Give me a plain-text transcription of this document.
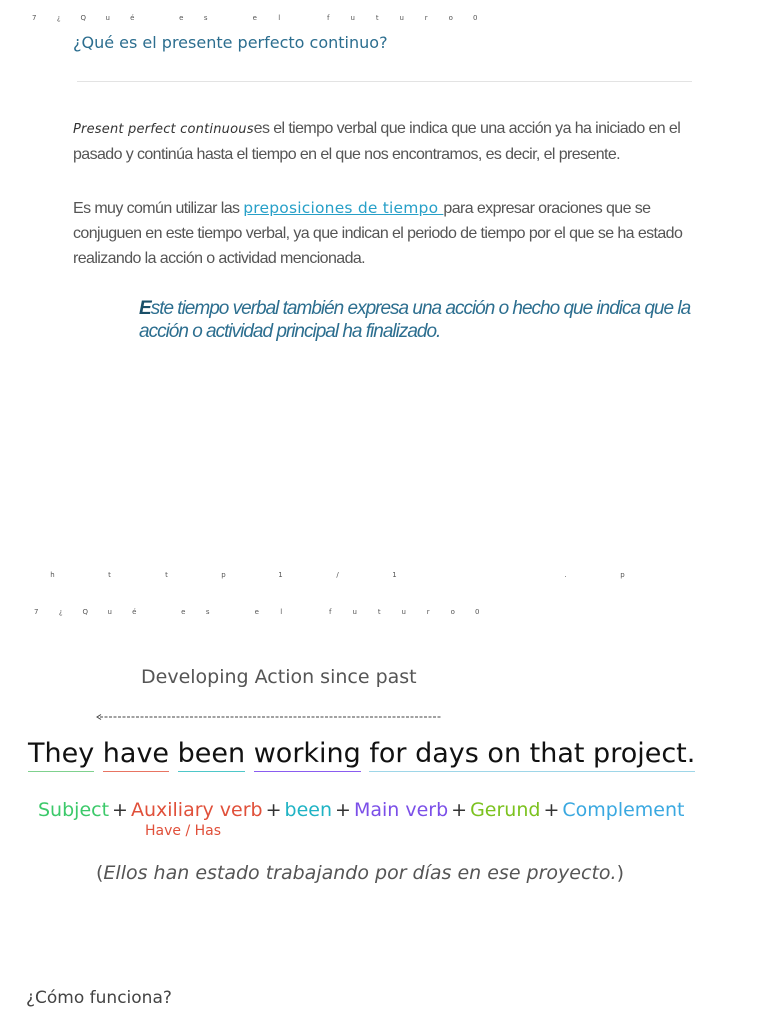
7	¿	Q	u	é	e	s	e	l	f	u	t	u	r	o	0
¿Qué es el presente perfecto continuo?

Present perfect continuouses el tiempo verbal que indica que una acción ya ha iniciado en el pasado y continúa hasta el tiempo en el que nos encontramos, es decir, el presente.

Es muy común utilizar las preposiciones de tiempo para expresar oraciones que se conjuguen en este tiempo verbal, ya que indican el periodo de tiempo por el que se ha estado realizando la acción o actividad mencionada.

Este tiempo verbal también expresa una acción o hecho que indica que la acción o actividad principal ha finalizado.
h	t	t	p	1	/	1	.	p
7	¿	Q	u	é	e	s	e	l	f	u	t	u	r	o	0
Developing Action since past
They have been working for days on that project.
Subject + Auxiliary verb + been + Main verb + Gerund + Complement
Have / Has
(Ellos han estado trabajando por días en ese proyecto.)
¿Cómo funciona?
